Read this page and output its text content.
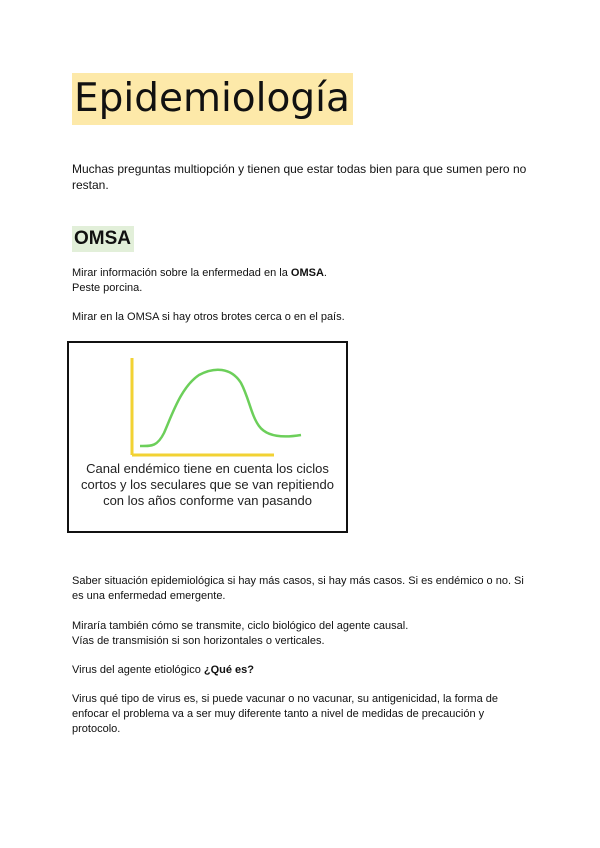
Epidemiología
Muchas preguntas multiopción y tienen que estar todas bien para que sumen pero no restan.
OMSA
Mirar información sobre la enfermedad en la OMSA.
Peste porcina.
Mirar en la OMSA si hay otros brotes cerca o en el país.
Canal endémico tiene en cuenta los ciclos cortos y los seculares que se van repitiendo con los años conforme van pasando
Saber situación epidemiológica si hay más casos, si hay más casos. Si es endémico o no. Si es una enfermedad emergente.
Miraría también cómo se transmite, ciclo biológico del agente causal.
Vías de transmisión si son horizontales o verticales.
Virus del agente etiológico ¿Qué es?
Virus qué tipo de virus es, si puede vacunar o no vacunar, su antigenicidad, la forma de enfocar el problema va a ser muy diferente tanto a nivel de medidas de precaución y protocolo.
